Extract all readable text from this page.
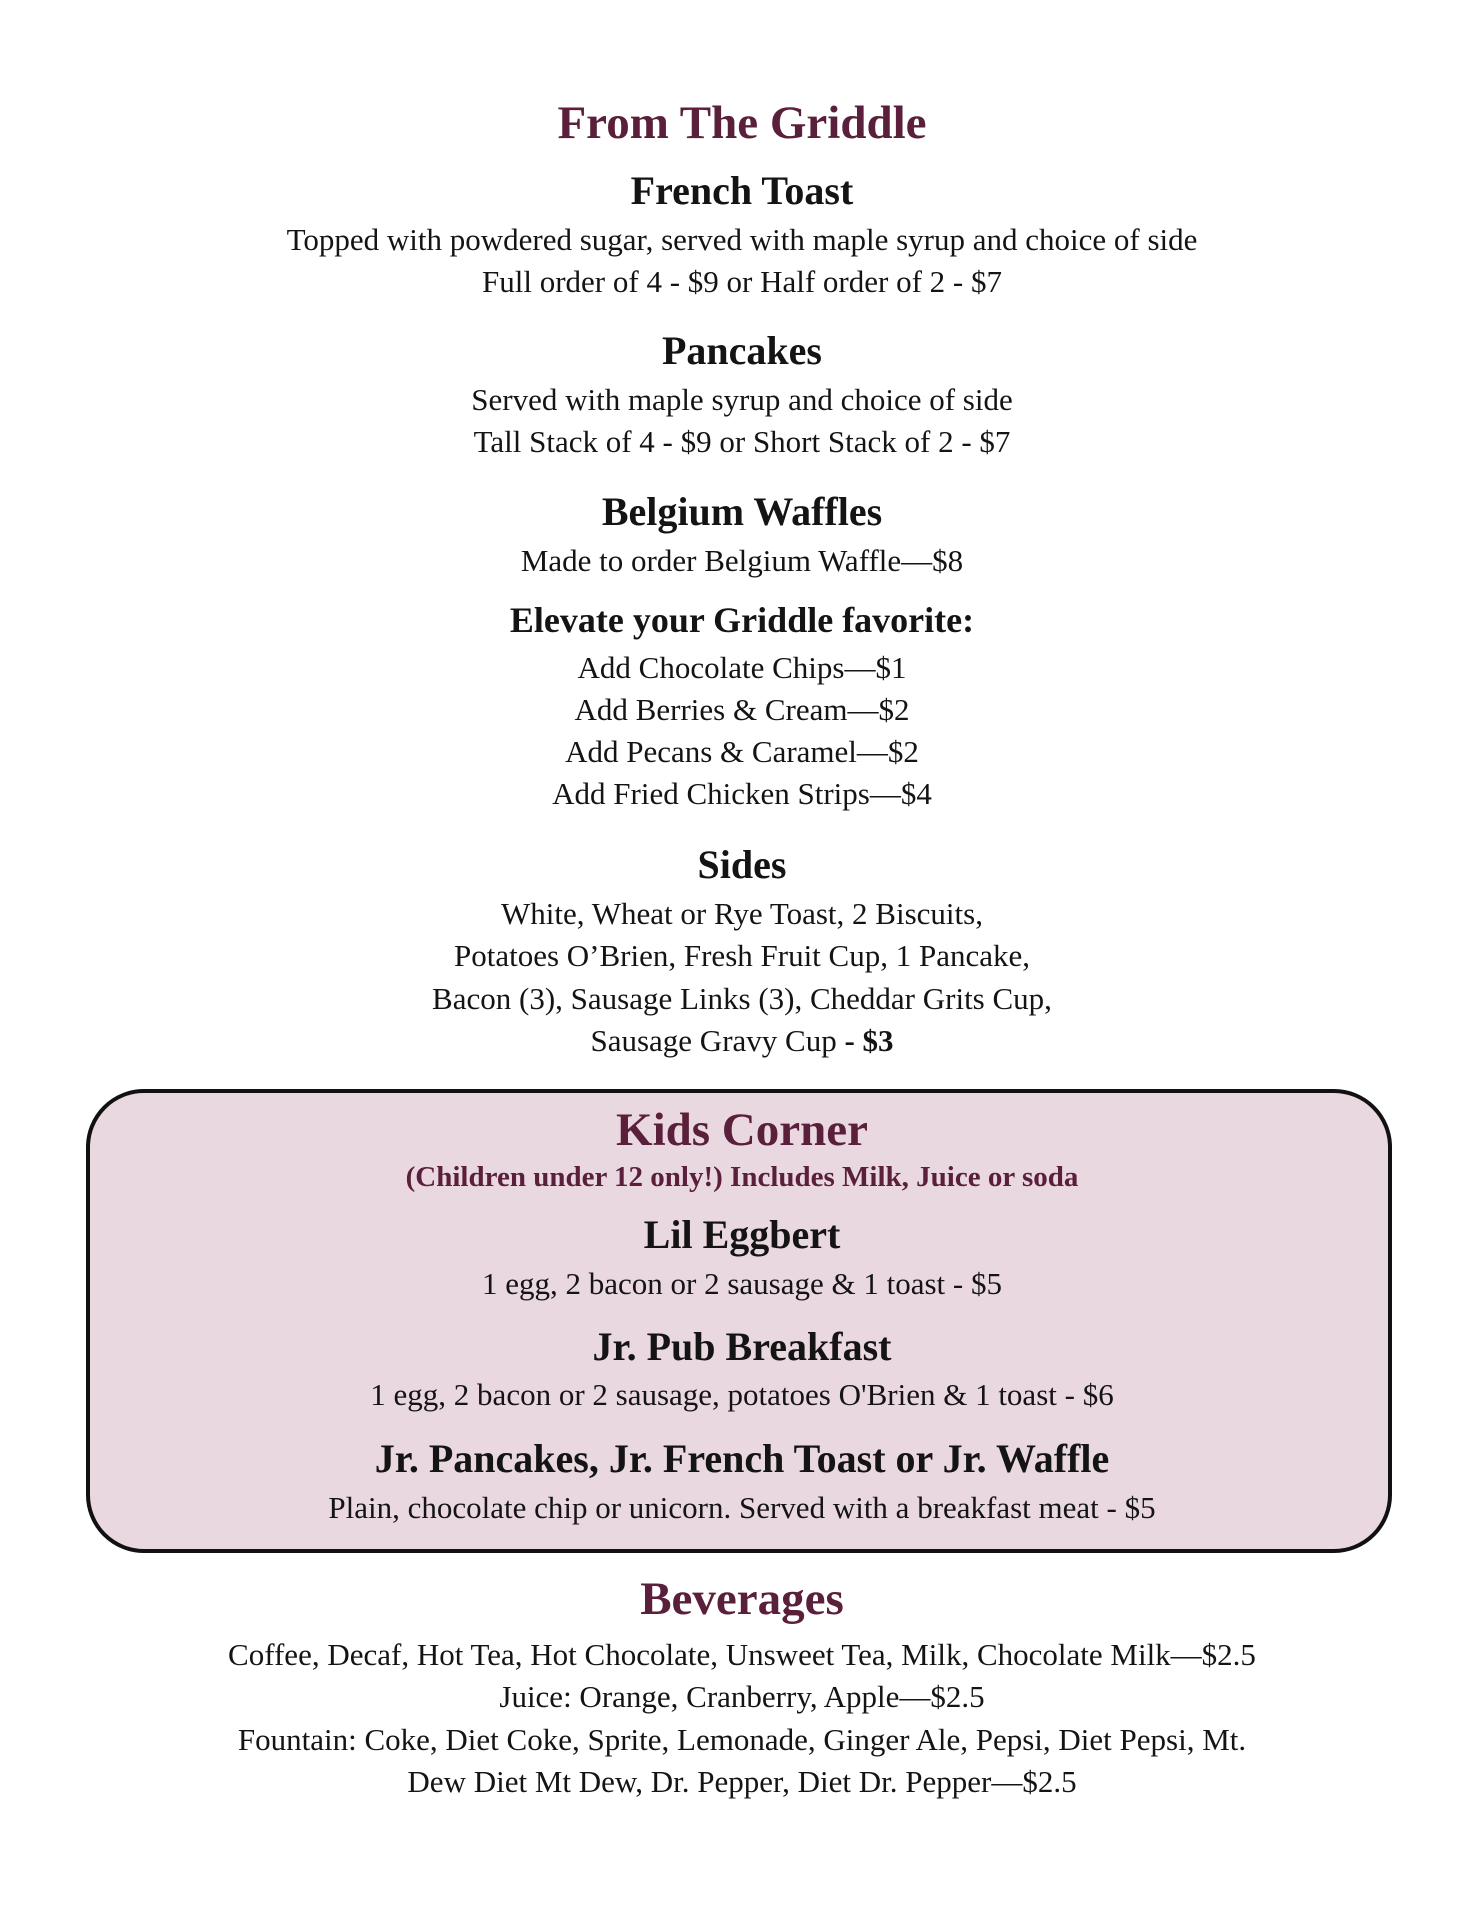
From The Griddle
French Toast
Topped with powdered sugar, served with maple syrup and choice of side
Full order of 4 - $9 or Half order of 2 - $7
Pancakes
Served with maple syrup and choice of side
Tall Stack of 4 - $9 or Short Stack of 2 - $7
Belgium Waffles
Made to order Belgium Waffle—$8
Elevate your Griddle favorite:
Add Chocolate Chips—$1
Add Berries & Cream—$2
Add Pecans & Caramel—$2
Add Fried Chicken Strips—$4
Sides
White, Wheat or Rye Toast, 2 Biscuits,
Potatoes O’Brien, Fresh Fruit Cup, 1 Pancake,
Bacon (3), Sausage Links (3), Cheddar Grits Cup,
Sausage Gravy Cup - $3
Kids Corner
(Children under 12 only!) Includes Milk, Juice or soda
Lil Eggbert
1 egg, 2 bacon or 2 sausage & 1 toast - $5
Jr. Pub Breakfast
1 egg, 2 bacon or 2 sausage, potatoes O'Brien & 1 toast - $6
Jr. Pancakes, Jr. French Toast or Jr. Waffle
Plain, chocolate chip or unicorn. Served with a breakfast meat - $5
Beverages
Coffee, Decaf, Hot Tea, Hot Chocolate, Unsweet Tea, Milk, Chocolate Milk—$2.5
Juice: Orange, Cranberry, Apple—$2.5
Fountain: Coke, Diet Coke, Sprite, Lemonade, Ginger Ale, Pepsi, Diet Pepsi, Mt.
Dew Diet Mt Dew, Dr. Pepper, Diet Dr. Pepper—$2.5
